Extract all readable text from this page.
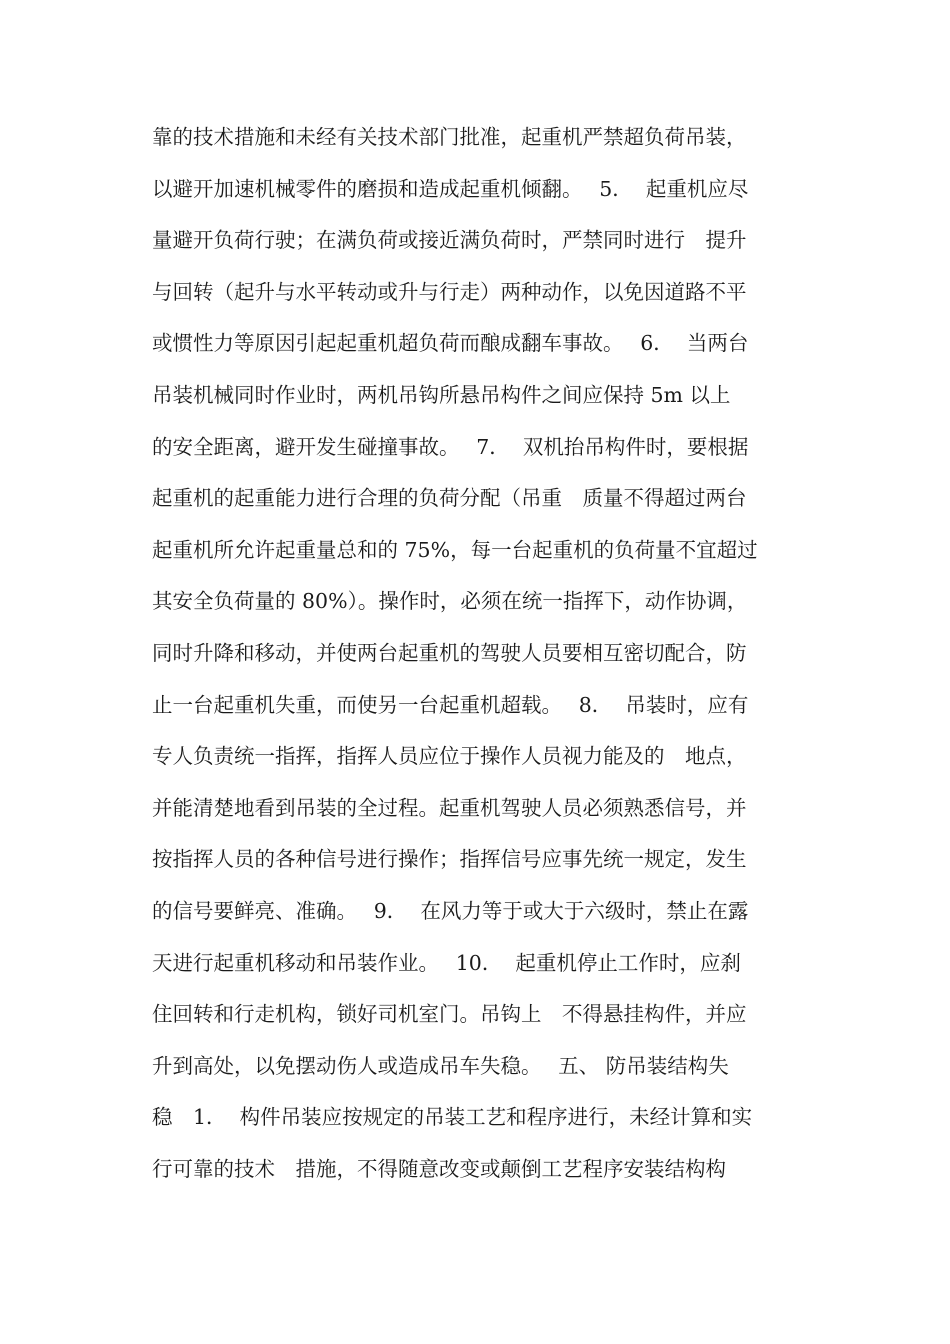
靠的技术措施和未经有关技术部门批准，起重机严禁超负荷吊装，
以避开加速机械零件的磨损和造成起重机倾翻。　 5．  起重机应尽
量避开负荷行驶；在满负荷或接近满负荷时，严禁同时进行　提升
与回转（起升与水平转动或升与行走）两种动作，以免因道路不平
或惯性力等原因引起起重机超负荷而酿成翻车事故。　 6．  当两台
吊装机械同时作业时，两机吊钩所悬吊构件之间应保持 5m 以上
的安全距离，避开发生碰撞事故。　 7．  双机抬吊构件时，要根据
起重机的起重能力进行合理的负荷分配（吊重　质量不得超过两台
起重机所允许起重量总和的 75%，每一台起重机的负荷量不宜超过
其安全负荷量的 80%）。操作时，必须在统一指挥下，动作协调，
同时升降和移动，并使两台起重机的驾驶人员要相互密切配合，防
止一台起重机失重，而使另一台起重机超载。　 8．  吊装时，应有
专人负责统一指挥，指挥人员应位于操作人员视力能及的　地点，
并能清楚地看到吊装的全过程。起重机驾驶人员必须熟悉信号，并
按指挥人员的各种信号进行操作；指挥信号应事先统一规定，发生
的信号要鲜亮、准确。　 9．  在风力等于或大于六级时，禁止在露
天进行起重机移动和吊装作业。　 10．  起重机停止工作时，应刹
住回转和行走机构，锁好司机室门。吊钩上　不得悬挂构件，并应
升到高处，以免摆动伤人或造成吊车失稳。　 五、 防吊装结构失
稳　1．  构件吊装应按规定的吊装工艺和程序进行，未经计算和实
行可靠的技术　措施，不得随意改变或颠倒工艺程序安装结构构
